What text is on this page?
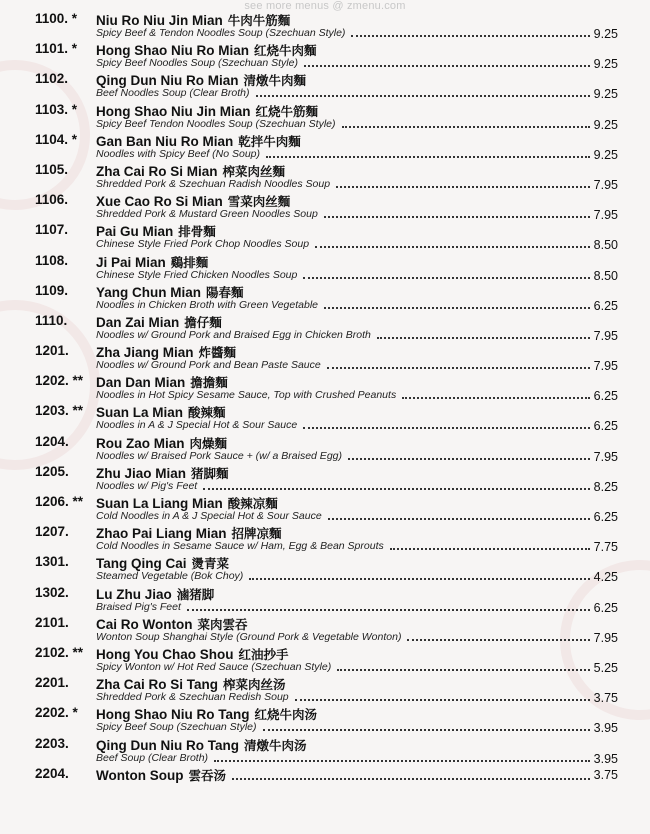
see more menus @ zmenu.com
1100. *	Niu Ro Niu Jin Mian 牛肉牛筋麵
Spicy Beef & Tendon Noodles Soup (Szechuan Style)	9.25
1101. *	Hong Shao Niu Ro Mian 红烧牛肉麵
Spicy Beef Noodles Soup (Szechuan Style)	9.25
1102.	Qing Dun Niu Ro Mian 清燉牛肉麵
Beef Noodles Soup (Clear Broth)	9.25
1103. *	Hong Shao Niu Jin Mian 红烧牛筋麵
Spicy Beef Tendon Noodles Soup (Szechuan Style)	9.25
1104. *	Gan Ban Niu Ro Mian 乾拌牛肉麵
Noodles with Spicy Beef (No Soup)	9.25
1105.	Zha Cai Ro Si Mian 榨菜肉丝麵
Shredded Pork & Szechuan Radish Noodles Soup	7.95
1106.	Xue Cao Ro Si Mian 雪菜肉丝麵
Shredded Pork & Mustard Green Noodles Soup	7.95
1107.	Pai Gu Mian 排骨麵
Chinese Style Fried Pork Chop Noodles Soup	8.50
1108.	Ji Pai Mian 鷄排麵
Chinese Style Fried Chicken Noodles Soup	8.50
1109.	Yang Chun Mian 陽春麵
Noodles in Chicken Broth with Green Vegetable	6.25
1110.	Dan Zai Mian 擔仔麵
Noodles w/ Ground Pork and Braised Egg in Chicken Broth	7.95
1201.	Zha Jiang Mian 炸醬麵
Noodles w/ Ground Pork and Bean Paste Sauce	7.95
1202. ** Dan Dan Mian 擔擔麵
Noodles in Hot Spicy Sesame Sauce, Top with Crushed Peanuts	6.25
1203. ** Suan La Mian 酸辣麵
Noodles in A & J Special Hot & Sour Sauce	6.25
1204.	Rou Zao Mian 肉燥麵
Noodles w/ Braised Pork Sauce + (w/ a Braised Egg)	7.95
1205.	Zhu Jiao Mian 猪脚麵
Noodles w/ Pig's Feet	8.25
1206. ** Suan La Liang Mian 酸辣凉麵
Cold Noodles in A & J Special Hot & Sour Sauce	6.25
1207.	Zhao Pai Liang Mian 招牌凉麵
Cold Noodles in Sesame Sauce w/ Ham, Egg & Bean Sprouts	7.75
1301.	Tang Qing Cai 燙青菜
Steamed Vegetable (Bok Choy)	4.25
1302.	Lu Zhu Jiao 滷猪脚
Braised Pig's Feet	6.25
2101.	Cai Ro Wonton 菜肉雲吞
Wonton Soup Shanghai Style (Ground Pork & Vegetable Wonton)	7.95
2102. ** Hong You Chao Shou 红油抄手
Spicy Wonton w/ Hot Red Sauce (Szechuan Style)	5.25
2201.	Zha Cai Ro Si Tang 榨菜肉丝汤
Shredded Pork & Szechuan Redish Soup	3.75
2202. *	Hong Shao Niu Ro Tang 红烧牛肉汤
Spicy Beef Soup (Szechuan Style)	3.95
2203.	Qing Dun Niu Ro Tang 清燉牛肉汤
Beef Soup (Clear Broth)	3.95
2204.	Wonton Soup 雲吞汤	3.75
